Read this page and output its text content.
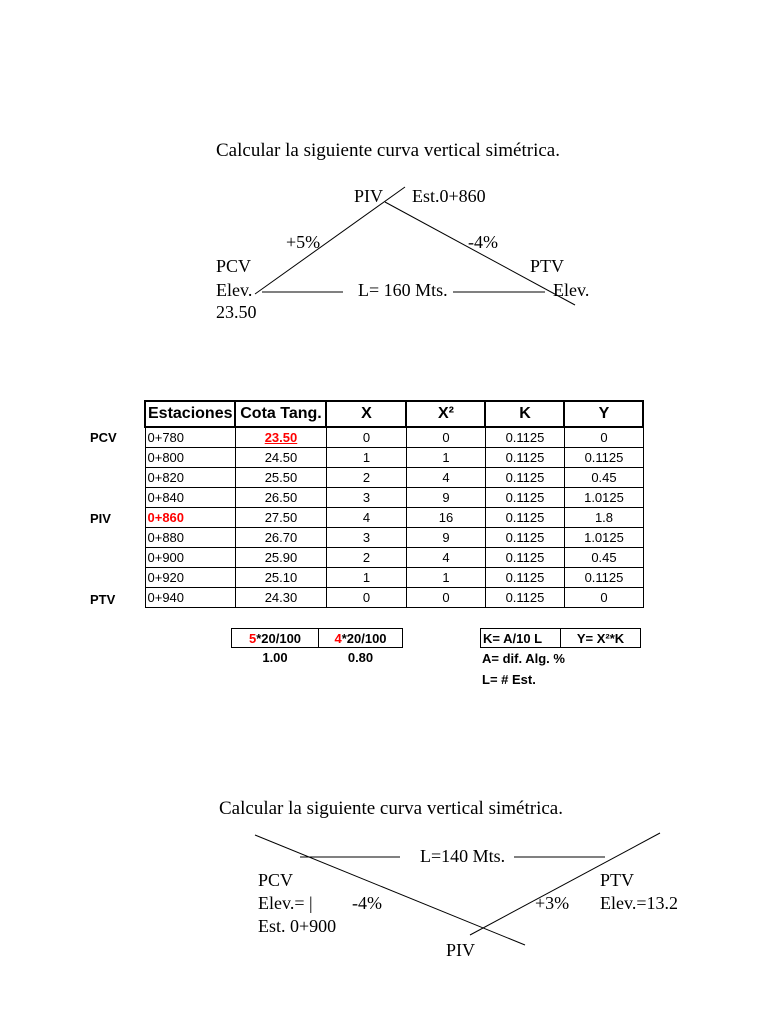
Calcular la siguiente curva vertical simétrica.
PIV Est.0+860
+5%	-4%
PCV
Elev.
23.50
L= 160 Mts.
PTV
Elev.
PCV
PIV
PTV
Estaciones	Cota Tang.	X	X²	K	Y
0+780	23.50	0	0	0.1125	0
0+800	24.50	1	1	0.1125	0.1125
0+820	25.50	2	4	0.1125	0.45
0+840	26.50	3	9	0.1125	1.0125
0+860	27.50	4	16	0.1125	1.8
0+880	26.70	3	9	0.1125	1.0125
0+900	25.90	2	4	0.1125	0.45
0+920	25.10	1	1	0.1125	0.1125
0+940	24.30	0	0	0.1125	0
5*20/100	4*20/100
1.00	0.80
K= A/10 L	Y= X²*K
A= dif. Alg. %
L= # Est.
Calcular la siguiente curva vertical simétrica.
L=140 Mts.
PCV
Elev.= |
Est. 0+900
-4%	+3%
PTV
Elev.=13.2
PIV
